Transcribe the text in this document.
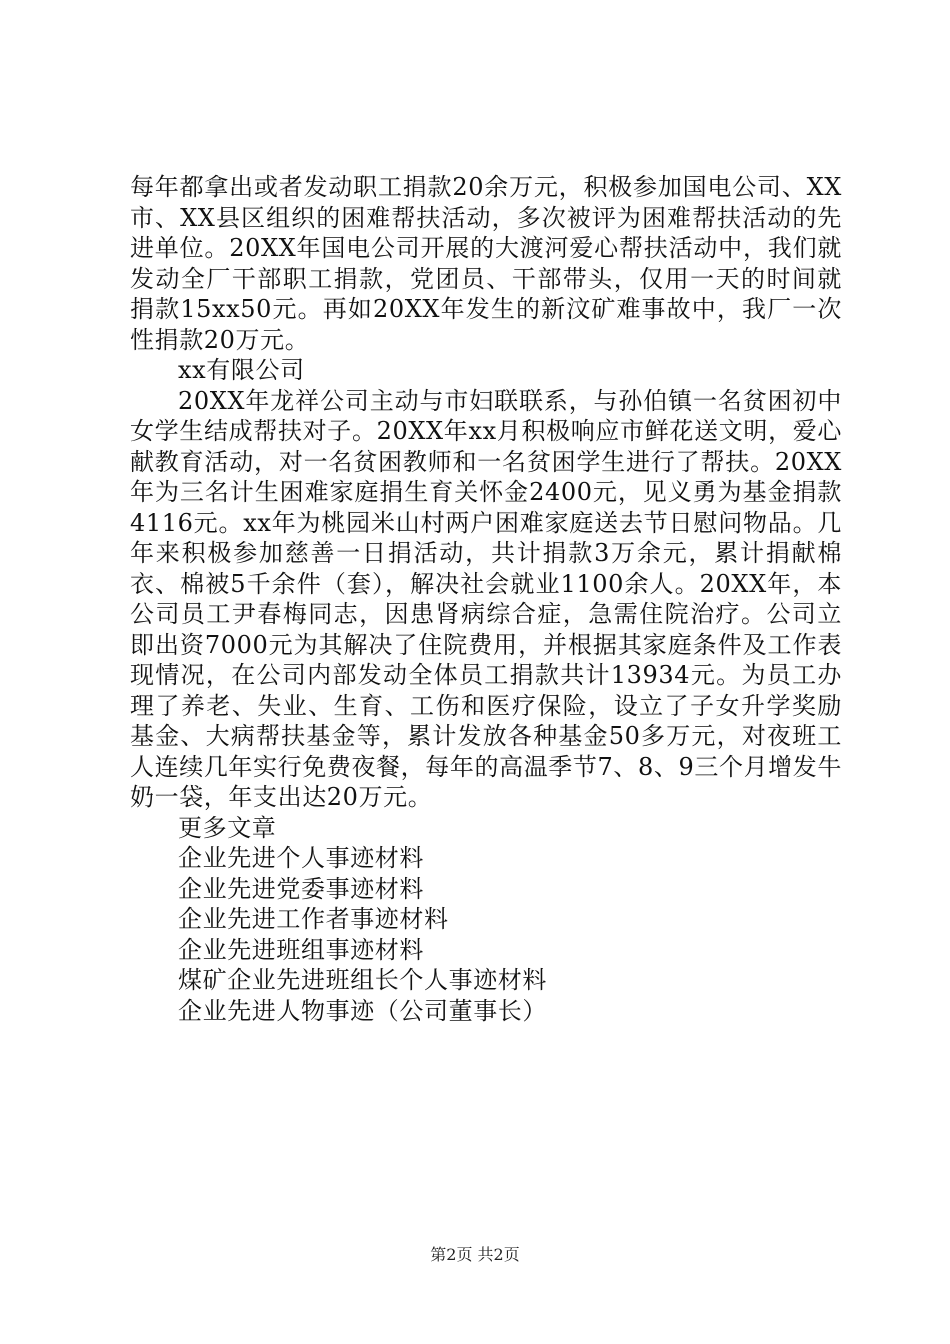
每年都拿出或者发动职工捐款20余万元，积极参加国电公司、XX市、XX县区组织的困难帮扶活动，多次被评为困难帮扶活动的先进单位。20XX年国电公司开展的大渡河爱心帮扶活动中，我们就发动全厂干部职工捐款，党团员、干部带头，仅用一天的时间就捐款15xx50元。再如20XX年发生的新汶矿难事故中，我厂一次性捐款20万元。

xx有限公司

20XX年龙祥公司主动与市妇联联系，与孙伯镇一名贫困初中女学生结成帮扶对子。20XX年xx月积极响应市鲜花送文明，爱心献教育活动，对一名贫困教师和一名贫困学生进行了帮扶。20XX年为三名计生困难家庭捐生育关怀金2400元，见义勇为基金捐款4116元。xx年为桃园米山村两户困难家庭送去节日慰问物品。几年来积极参加慈善一日捐活动，共计捐款3万余元，累计捐献棉衣、棉被5千余件（套），解决社会就业1100余人。20XX年，本公司员工尹春梅同志，因患肾病综合症，急需住院治疗。公司立即出资7000元为其解决了住院费用，并根据其家庭条件及工作表现情况，在公司内部发动全体员工捐款共计13934元。为员工办理了养老、失业、生育、工伤和医疗保险，设立了子女升学奖励基金、大病帮扶基金等，累计发放各种基金50多万元，对夜班工人连续几年实行免费夜餐，每年的高温季节7、8、9三个月增发牛奶一袋，年支出达20万元。

更多文章

企业先进个人事迹材料
企业先进党委事迹材料
企业先进工作者事迹材料
企业先进班组事迹材料
煤矿企业先进班组长个人事迹材料
企业先进人物事迹（公司董事长）
第2页 共2页
